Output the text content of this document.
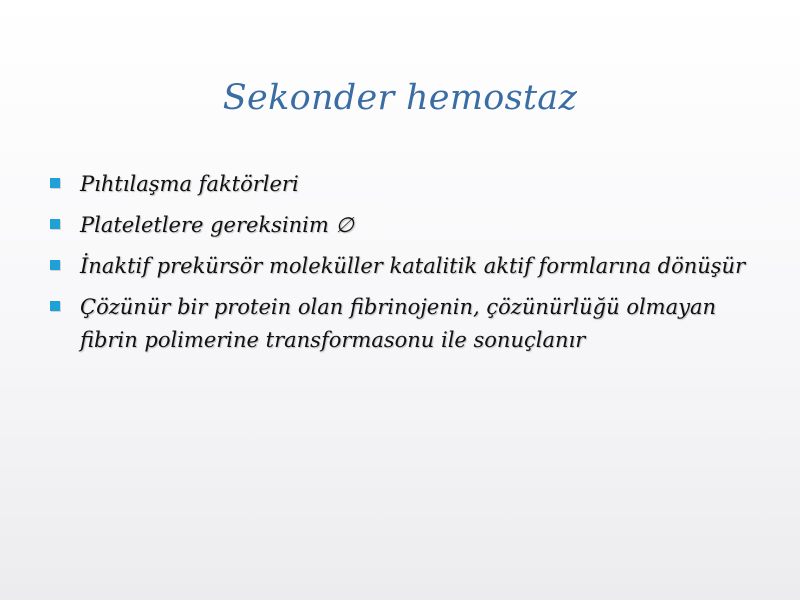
Sekonder hemostaz
Pıhtılaşma faktörleri
Plateletlere gereksinim ∅
İnaktif prekürsör moleküller katalitik aktif formlarına dönüşür
Çözünür bir protein olan fibrinojenin, çözünürlüğü olmayan fibrin polimerine transformasonu ile sonuçlanır
